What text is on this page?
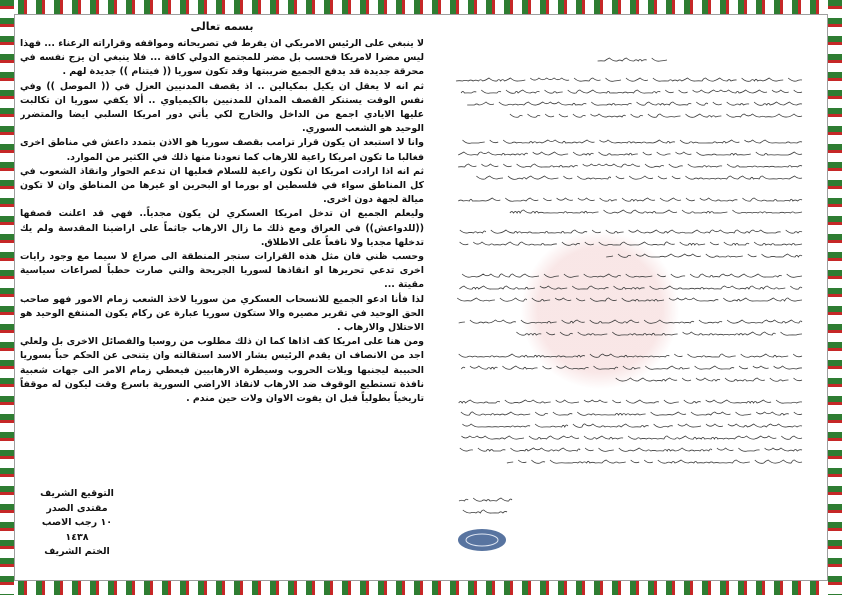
بسمه تعالى

لا ينبغي على الرئيس الامريكي ان يفرط في تصريحاته ومواقفه وقراراته الرعناء ... فهذا ليس مضرا لامريكا فحسب بل مضر للمجتمع الدولي كافة ... فلا ينبغي ان يزج نفسه في محرقة جديدة قد يدفع الجميع ضريبتها وقد تكون سوريا (( فيتنام )) جديدة لهم .

ثم انه لا يعقل ان يكيل بمكيالين .. اذ يقصف المدنيين العزل في (( الموصل )) وفي نفس الوقت يستنكر القصف المدان للمدنيين بالكيمياوي .. ألا يكفي سوريا ان تكالبت عليها الايادي اجمع من الداخل والخارج لكي يأتي دور امريكا السلبي ايضا والمتضرر الوحيد هو الشعب السوري.

وانا لا استبعد ان يكون قرار ترامب بقصف سوريا هو الاذن بتمدد داعش في مناطق اخرى فغالبا ما تكون امريكا راعية للارهاب كما تعودنا منها ذلك في الكثير من الموارد.

ثم انه اذا ارادت امريكا ان تكون راعية للسلام فعليها ان تدعم الحوار وانقاذ الشعوب في كل المناطق سواء في فلسطين او بورما او البحرين او غيرها من المناطق وان لا تكون ميالة لجهة دون اخرى.

وليعلم الجميع ان تدخل امريكا العسكري لن يكون مجدياً.. فهي قد اعلنت قصفها ((للدواعش)) في العراق ومع ذلك ما زال الارهاب جاثماً على اراضينا المقدسة ولم يك تدخلها مجديا ولا نافعاً على الاطلاق.

وحسب ظني فان مثل هذه القرارات ستجر المنطقة الى صراع لا سيما مع وجود رايات اخرى تدعي تحريرها او انقاذها لسوريا الجريحة والتي صارت حطباً لصراعات سياسية مقيتة ...

لذا فأنا ادعو الجميع للانسحاب العسكري من سوريا لاخذ الشعب زمام الامور فهو صاحب الحق الوحيد في تقرير مصيره والا ستكون سوريا عبارة عن ركام يكون المنتفع الوحيد هو الاحتلال والارهاب .

ومن هنا على امريكا كف اذاها كما ان ذلك مطلوب من روسيا والفصائل الاخرى بل ولعلي اجد من الانصاف ان يقدم الرئيس بشار الاسد استقالته وان يتنحى عن الحكم حباً بسوريا الحبيبة ليجنبها ويلات الحروب وسيطرة الارهابيين فيعطي زمام الامر الى جهات شعبية نافذة تستطيع الوقوف ضد الارهاب لانقاذ الاراضي السورية باسرع وقت ليكون له موقفاً تاريخياً بطولياً قبل ان يفوت الاوان ولات حين مندم .

التوقيع الشريف
مقتدى الصدر
١٠ رجب الاصب ١٤٣٨
الختم الشريف
